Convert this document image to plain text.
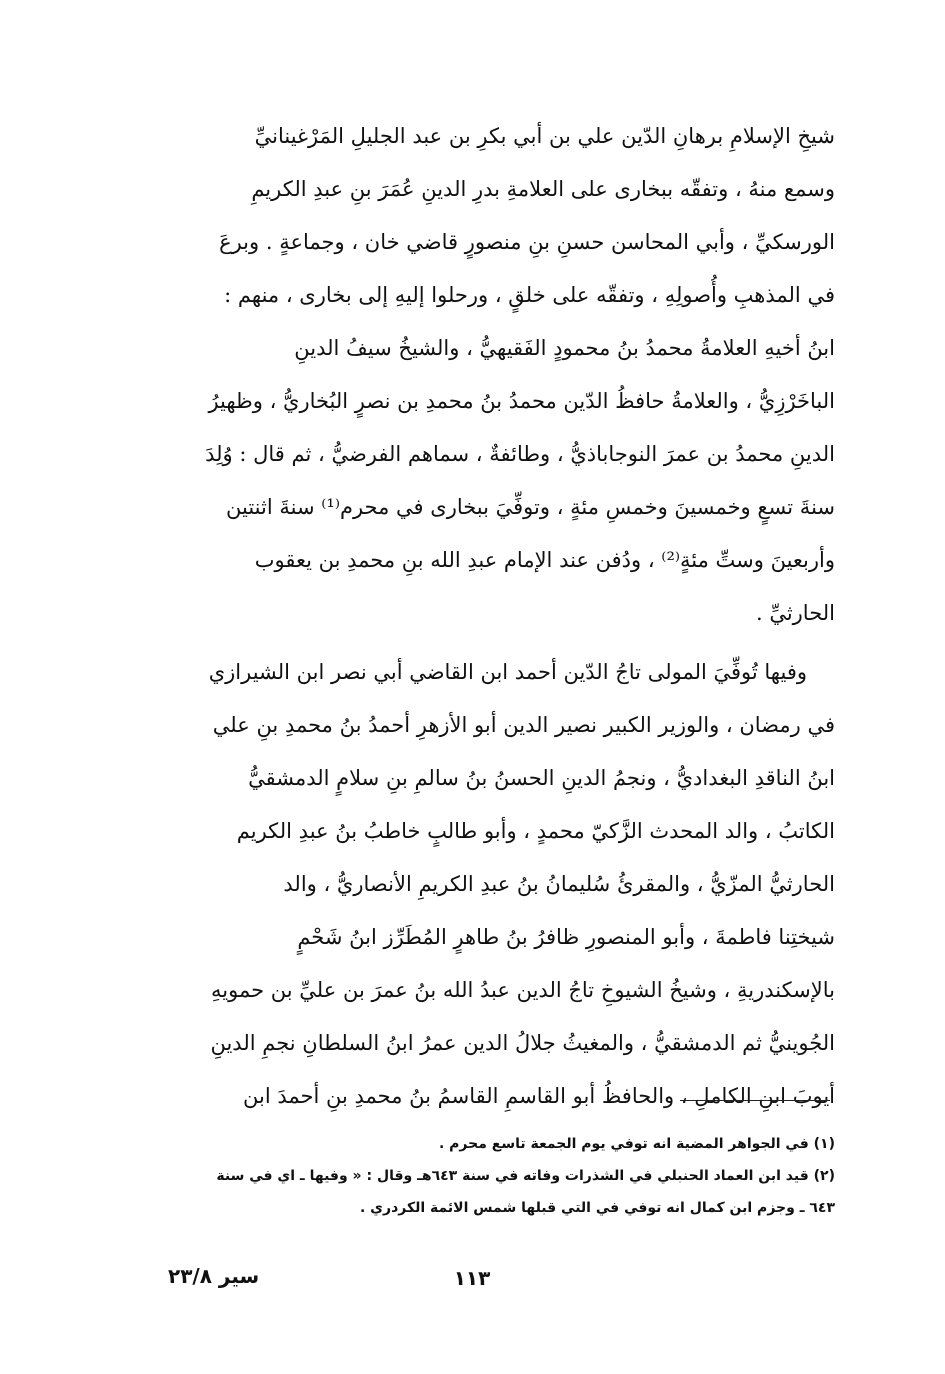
شيخِ الإسلامِ برهانِ الدّين علي بن أبي بكرِ بن عبد الجليلِ المَرْغينانيِّ
وسمع منهُ ، وتفقّه ببخارى على العلامةِ بدرِ الدينِ عُمَرَ بنِ عبدِ الكريمِ
الورسكيِّ ، وأبي المحاسن حسنِ بنِ منصورٍ قاضي خان ، وجماعةٍ . وبرعَ
في المذهبِ وأُصولِهِ ، وتفقّه على خلقٍ ، ورحلوا إليهِ إلى بخارى ، منهم :
ابنُ أخيهِ العلامةُ محمدُ بنُ محمودٍ الفَقيهيُّ ، والشيخُ سيفُ الدينِ
الباخَرْزِيُّ ، والعلامةُ حافظُ الدّين محمدُ بنُ محمدِ بن نصرٍ البُخاريُّ ، وظهيرُ
الدينِ محمدُ بن عمرَ النوجاباذيُّ ، وطائفةٌ ، سماهم الفرضيُّ ، ثم قال : وُلِدَ
سنةَ تسعٍ وخمسينَ وخمسِ مئةٍ ، وتوفِّيَ ببخارى في محرم⁽¹⁾ سنةَ اثنتين
وأربعينَ وستِّ مئةٍ⁽²⁾ ، ودُفن عند الإمام عبدِ الله بنِ محمدِ بن يعقوب
الحارثيِّ .
وفيها تُوفِّيَ المولى تاجُ الدّين أحمد ابن القاضي أبي نصر ابن الشيرازي
في رمضان ، والوزير الكبير نصير الدين أبو الأزهرِ أحمدُ بنُ محمدِ بنِ علي
ابنُ الناقدِ البغداديُّ ، ونجمُ الدينِ الحسنُ بنُ سالمِ بنِ سلامٍ الدمشقيُّ
الكاتبُ ، والد المحدث الزَّكيّ محمدٍ ، وأبو طالبٍ خاطبُ بنُ عبدِ الكريم
الحارثيُّ المزّيُّ ، والمقرئُ سُليمانُ بنُ عبدِ الكريمِ الأنصاريُّ ، والد
شيختِنا فاطمةَ ، وأبو المنصورِ ظافرُ بنُ طاهرٍ المُطَرِّز ابنُ شَحْمٍ
بالإسكندريةِ ، وشيخُ الشيوخِ تاجُ الدين عبدُ الله بنُ عمرَ بن عليِّ بن حمويهِ
الجُوينيُّ ثم الدمشقيُّ ، والمغيثُ جلالُ الدين عمرُ ابنُ السلطانِ نجمِ الدينِ
أيوبَ ابنِ الكاملِ ، والحافظُ أبو القاسمِ القاسمُ بنُ محمدِ بنِ أحمدَ ابن
(١) في الجواهر المضية انه توفي يوم الجمعة تاسع محرم .
(٢) قيد ابن العماد الحنبلي في الشذرات وفاته في سنة ٦٤٣هـ وقال : « وفيها ـ اي في سنة
٦٤٣ ـ وجزم ابن كمال انه توفي في التي قبلها شمس الائمة الكردري .
١١٣
سير ٢٣/٨
